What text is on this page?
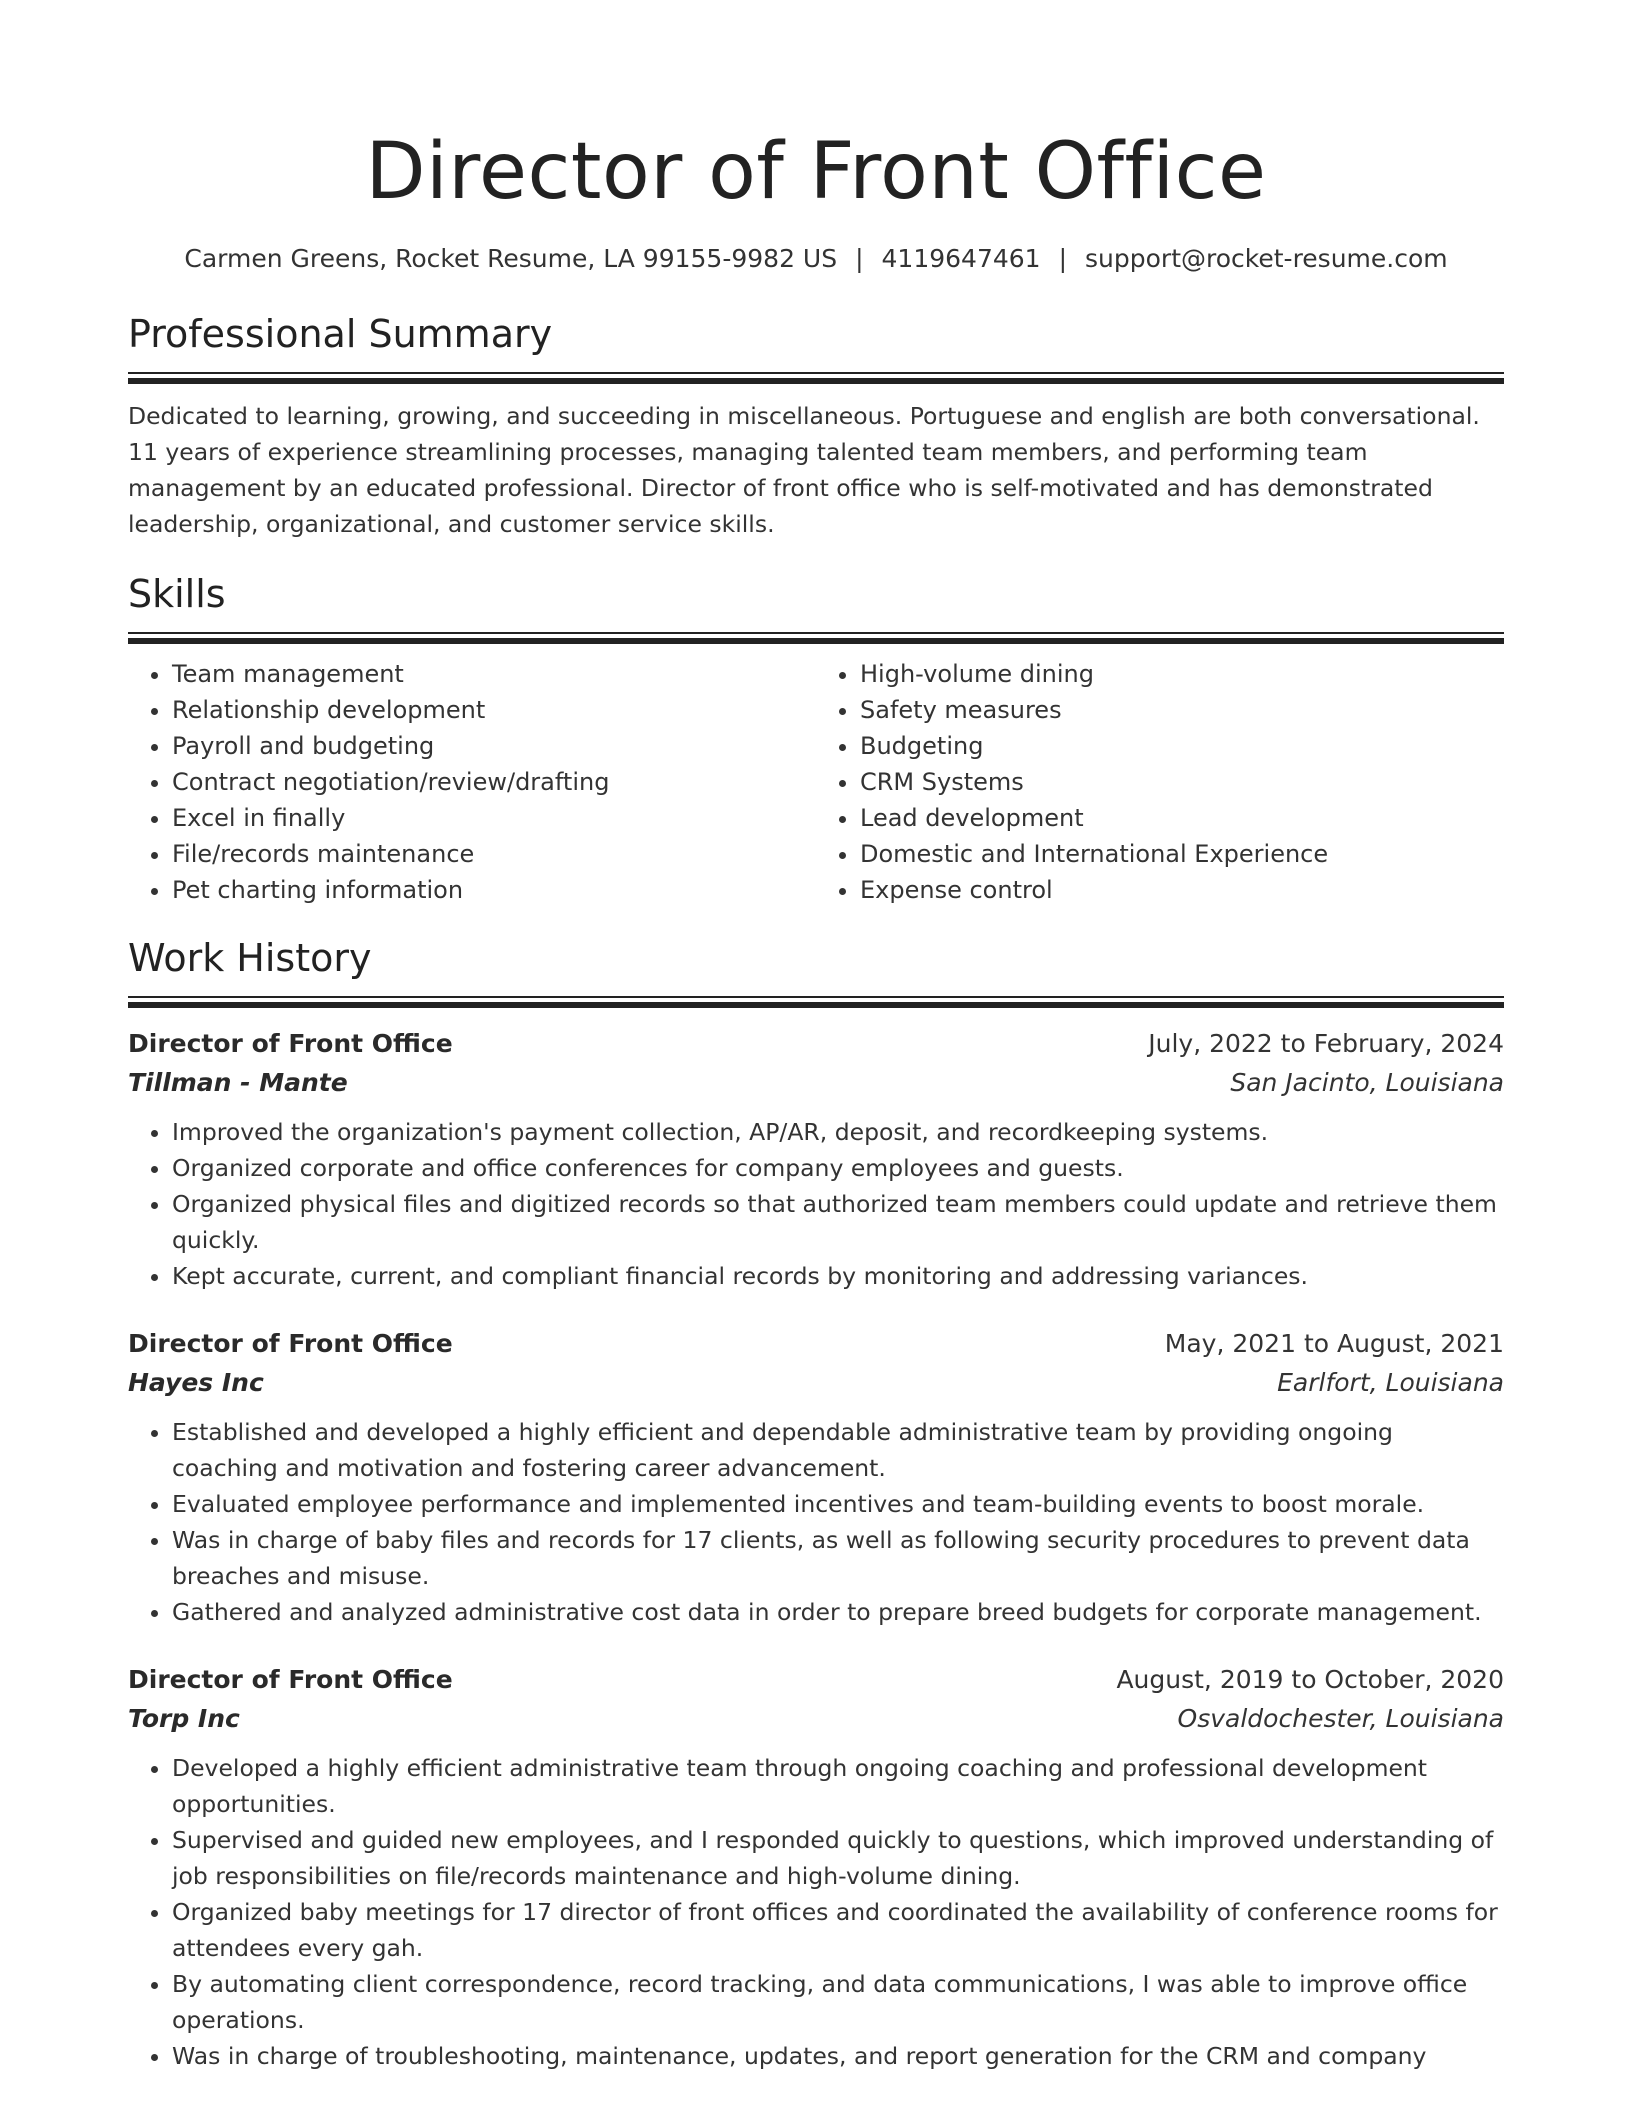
Director of Front Office
Carmen Greens, Rocket Resume, LA 99155-9982 US | 4119647461 | support@rocket-resume.com
Professional Summary

Dedicated to learning, growing, and succeeding in miscellaneous. Portuguese and english are both conversational. 11 years of experience streamlining processes, managing talented team members, and performing team management by an educated professional. Director of front office who is self-motivated and has demonstrated leadership, organizational, and customer service skills.

Skills
• Team management
• Relationship development
• Payroll and budgeting
• Contract negotiation/review/drafting
• Excel in finally
• File/records maintenance
• Pet charting information
• High-volume dining
• Safety measures
• Budgeting
• CRM Systems
• Lead development
• Domestic and International Experience
• Expense control
Work History
Director of Front Office	July, 2022 to February, 2024
Tillman - Mante	San Jacinto, Louisiana
• Improved the organization's payment collection, AP/AR, deposit, and recordkeeping systems.
• Organized corporate and office conferences for company employees and guests.
• Organized physical files and digitized records so that authorized team members could update and retrieve them quickly.
• Kept accurate, current, and compliant financial records by monitoring and addressing variances.
Director of Front Office	May, 2021 to August, 2021
Hayes Inc	Earlfort, Louisiana
• Established and developed a highly efficient and dependable administrative team by providing ongoing coaching and motivation and fostering career advancement.
• Evaluated employee performance and implemented incentives and team-building events to boost morale.
• Was in charge of baby files and records for 17 clients, as well as following security procedures to prevent data breaches and misuse.
• Gathered and analyzed administrative cost data in order to prepare breed budgets for corporate management.
Director of Front Office	August, 2019 to October, 2020
Torp Inc	Osvaldochester, Louisiana
• Developed a highly efficient administrative team through ongoing coaching and professional development opportunities.
• Supervised and guided new employees, and I responded quickly to questions, which improved understanding of job responsibilities on file/records maintenance and high-volume dining.
• Organized baby meetings for 17 director of front offices and coordinated the availability of conference rooms for attendees every gah.
• By automating client correspondence, record tracking, and data communications, I was able to improve office operations.
• Was in charge of troubleshooting, maintenance, updates, and report generation for the CRM and company
